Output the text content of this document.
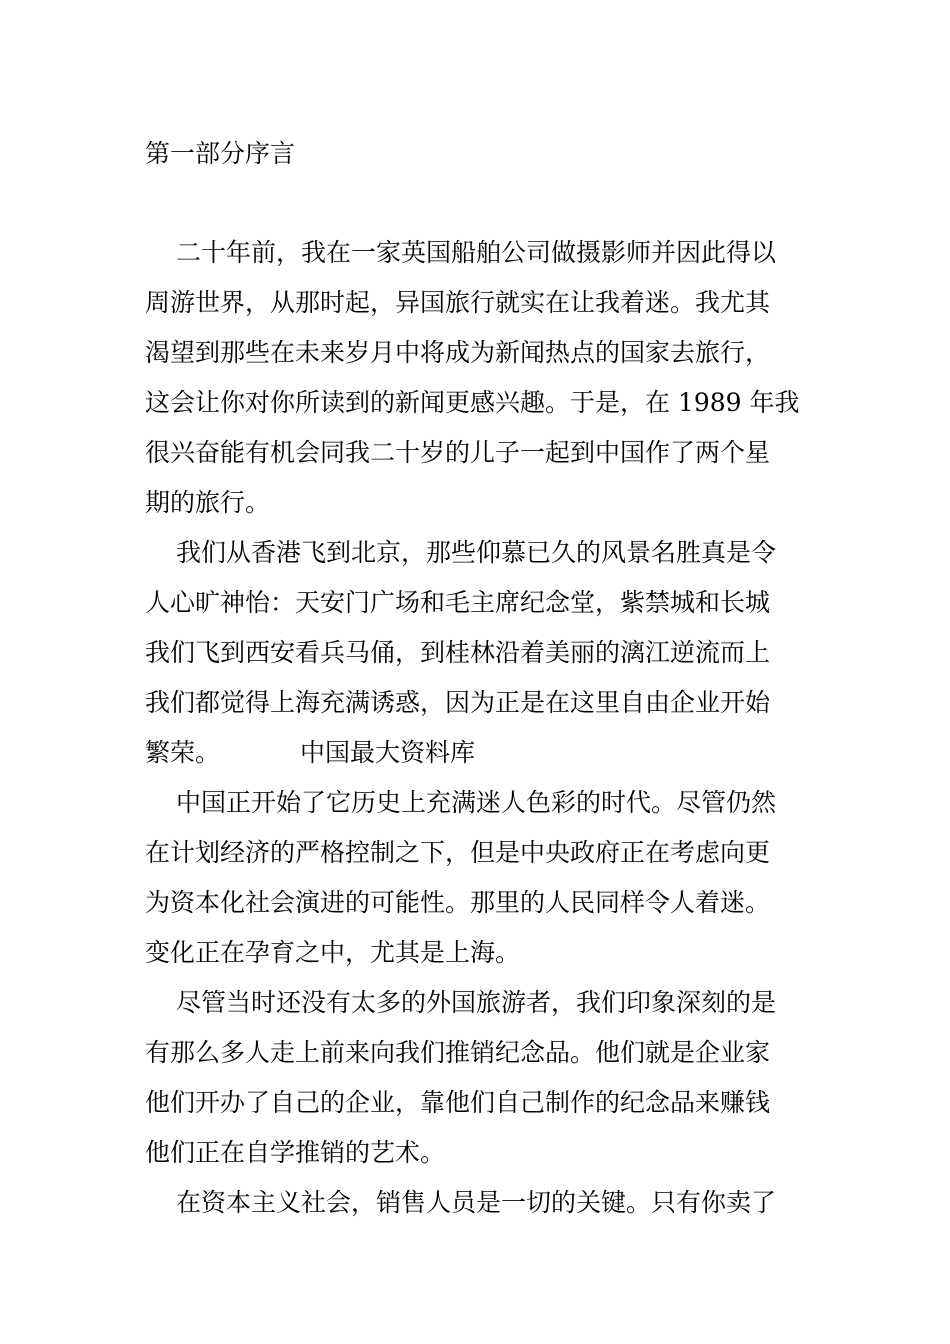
第一部分序言
二十年前，我在一家英国船舶公司做摄影师并因此得以
周游世界，从那时起，异国旅行就实在让我着迷。我尤其
渴望到那些在未来岁月中将成为新闻热点的国家去旅行，
这会让你对你所读到的新闻更感兴趣。于是，在 1989 年我
很兴奋能有机会同我二十岁的儿子一起到中国作了两个星
期的旅行。
我们从香港飞到北京，那些仰慕已久的风景名胜真是令
人心旷神怡：天安门广场和毛主席纪念堂，紫禁城和长城
我们飞到西安看兵马俑，到桂林沿着美丽的漓江逆流而上
我们都觉得上海充满诱惑，因为正是在这里自由企业开始
繁荣。	中国最大资料库
中国正开始了它历史上充满迷人色彩的时代。尽管仍然
在计划经济的严格控制之下，但是中央政府正在考虑向更
为资本化社会演进的可能性。那里的人民同样令人着迷。
变化正在孕育之中，尤其是上海。
尽管当时还没有太多的外国旅游者，我们印象深刻的是
有那么多人走上前来向我们推销纪念品。他们就是企业家
他们开办了自己的企业，靠他们自己制作的纪念品来赚钱
他们正在自学推销的艺术。
在资本主义社会，销售人员是一切的关键。只有你卖了
